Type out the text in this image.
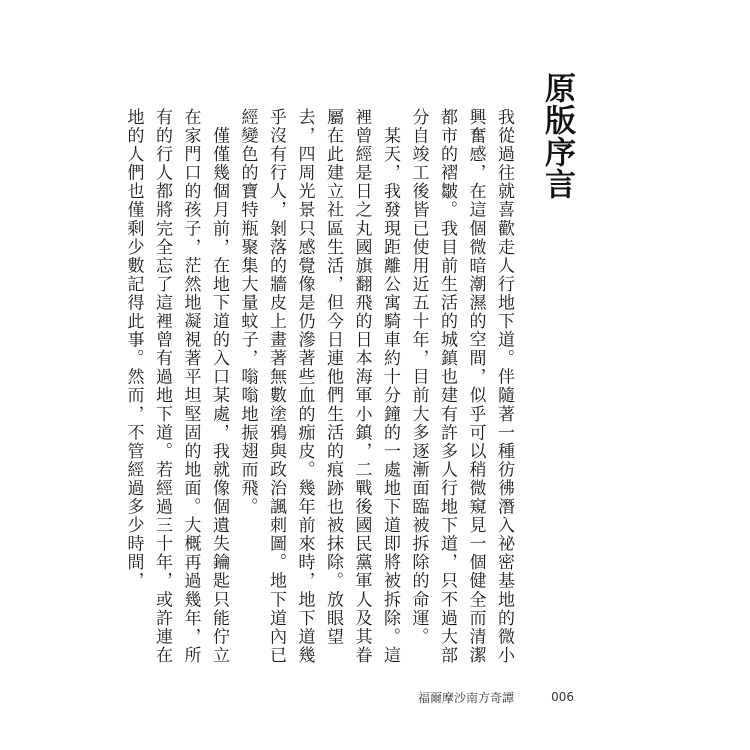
原版序言

我從過往就喜歡走人行地下道。伴隨著一種彷彿潛入祕密基地的微小興奮感，在這個微暗潮濕的空間，似乎可以稍微窺見一個健全而清潔都市的褶皺。我目前生活的城鎮也建有許多人行地下道，只不過大部分自竣工後皆已使用近五十年，目前大多逐漸面臨被拆除的命運。

　某天，我發現距離公寓騎車約十分鐘的一處地下道即將被拆除。這裡曾經是日之丸國旗翻飛的日本海軍小鎮，二戰後國民黨軍人及其眷屬在此建立社區生活，但今日連他們生活的痕跡也被抹除。放眼望去，四周光景只感覺像是仍滲著些血的痂皮。幾年前來時，地下道幾乎沒有行人，剝落的牆皮上畫著無數塗鴉與政治諷刺圖。地下道內已經變色的寶特瓶聚集大量蚊子，嗡嗡地振翅而飛。

　僅僅幾個月前，在地下道的入口某處，我就像個遺失鑰匙只能佇立在家門口的孩子，茫然地凝視著平坦堅固的地面。大概再過幾年，所有的行人都將完全忘了這裡曾有過地下道。若經過三十年，或許連在地的人們也僅剩少數記得此事。然而，不管經過多少時間，

福爾摩沙南方奇譚	006
